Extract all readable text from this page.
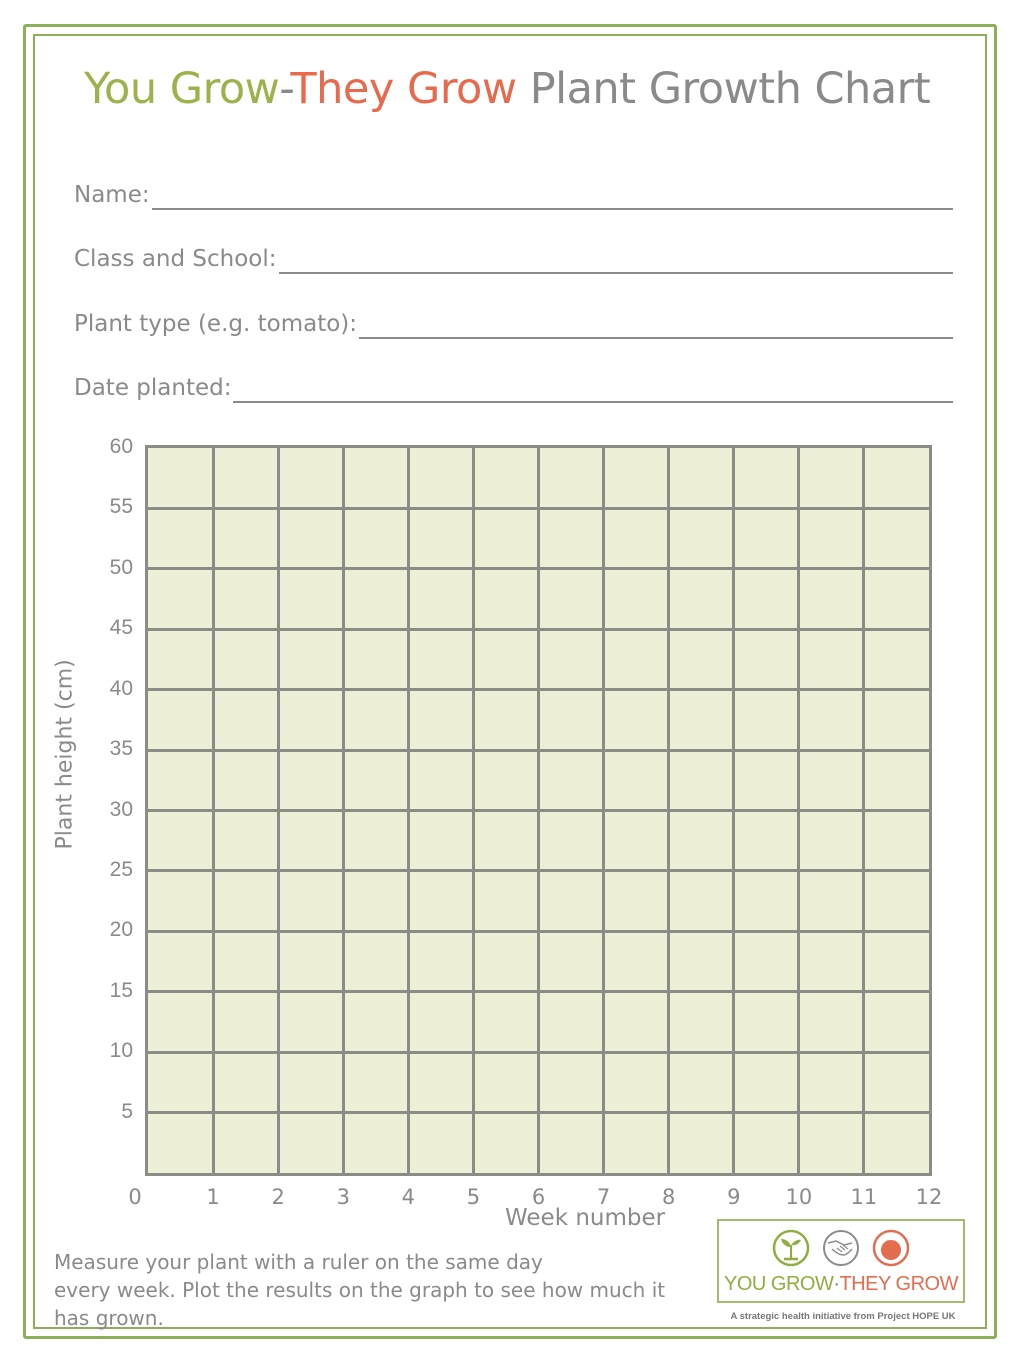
You Grow-They Grow Plant Growth Chart
Name:
Class and School:
Plant type (e.g. tomato):
Date planted:
60
55
50
45
40
35
30
25
20
15
10
5
0	1	2	3	4	5	6	7	8	9	10	11	12
Plant height (cm)
Week number
Measure your plant with a ruler on the same day
every week. Plot the results on the graph to see how much it
has grown.
YOU GROW·THEY GROW
A strategic health initiative from Project HOPE UK
